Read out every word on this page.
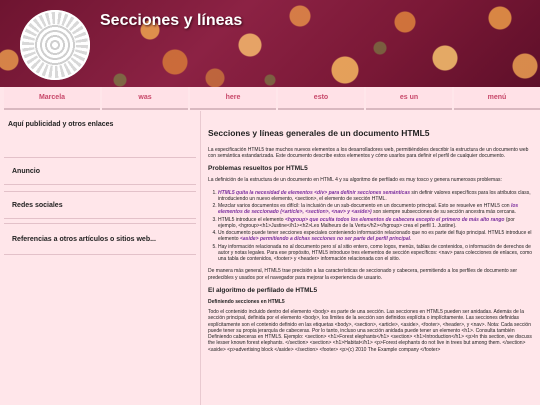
Secciones y líneas
Marcela	was	here	esto	es un	menú
Aquí publicidad y otros enlaces
Anuncio
Redes sociales
Referencias a otros artículos o sitios web...
Secciones y líneas generales de un documento HTML5

La especificación HTML5 trae muchos nuevos elementos a los desarrolladores web, permitiéndoles describir la estructura de un documento web con semántica estandarizada. Este documento describe estos elementos y cómo usarlos para definir el perfil de cualquier documento.

Problemas resueltos por HTML5

La definición de la estructura de un documento en HTML 4 y su algoritmo de perfilado es muy tosco y genera numerosos problemas:

1. HTML5 quita la necesidad de elementos <div> para definir secciones semánticas sin definir valores específicos para los atributos class, introduciendo un nuevo elemento, <section>, el elemento de sección HTML.
2. Mezclar varios documentos es difícil: la inclusión de un sub-documento en un documento principal. Esto se resuelve en HTML5 con los elementos de seccionado (<article>, <section>, <nav> y <aside>) son siempre subsecciones de su sección ancestra más cercana.
3. HTML5 introduce el elemento <hgroup> que oculta todos los elementos de cabecera excepto el primero de más alto rango (por ejemplo, <hgroup><h1>Justine</h1><h2>Les Malheurs de la Vertu</h2></hgroup> crea el perfil 1. Justine).
4. Un documento puede tener secciones especiales conteniendo información relacionado que no es parte del flujo principal. HTML5 introduce el elemento <aside> permitiendo a dichas secciones no ser parte del perfil principal.
5. Hay información relacionada no al documento pero sí al sitio entero, como logos, menús, tablas de contenidos, o información de derechos de autor y notas legales. Para ese propósito, HTML5 introduce tres elementos de sección específicos: <nav> para colecciones de enlaces, como una tabla de contenidos, <footer> y <header> información relacionada con el sitio.

De manera más general, HTML5 trae precisión a las características de seccionado y cabecera, permitiendo a los perfiles de documento ser predecibles y usados por el navegador para mejorar la experiencia de usuario.

El algoritmo de perfilado de HTML5
Definiendo secciones en HTML5

Todo el contenido incluido dentro del elemento <body> es parte de una sección. Las secciones en HTML5 pueden ser anidadas. Además de la sección principal, definida por el elemento <body>, los límites de la sección son definidos explícita o implícitamente. Las secciones definidas explícitamente son el contenido definido en las etiquetas <body>, <section>, <article>, <aside>, <footer>, <header>, y <nav>. Nota: Cada sección puede tener su propia jerarquía de cabeceras. Por lo tanto, incluso una sección anidada puede tener un elemento <h1>. Consulta también Definiendo cabeceras en HTML5. Ejemplo: <section> <h1>Forest elephants</h1> <section> <h1>Introduction</h1> <p>In this section, we discuss the lesser known forest elephants. </section> <section> <h1>Habitat</h1> <p>Forest elephants do not live in trees but among them. </section> <aside> <p>advertising block </aside> </section> <footer> <p>(c) 2010 The Example company </footer>
